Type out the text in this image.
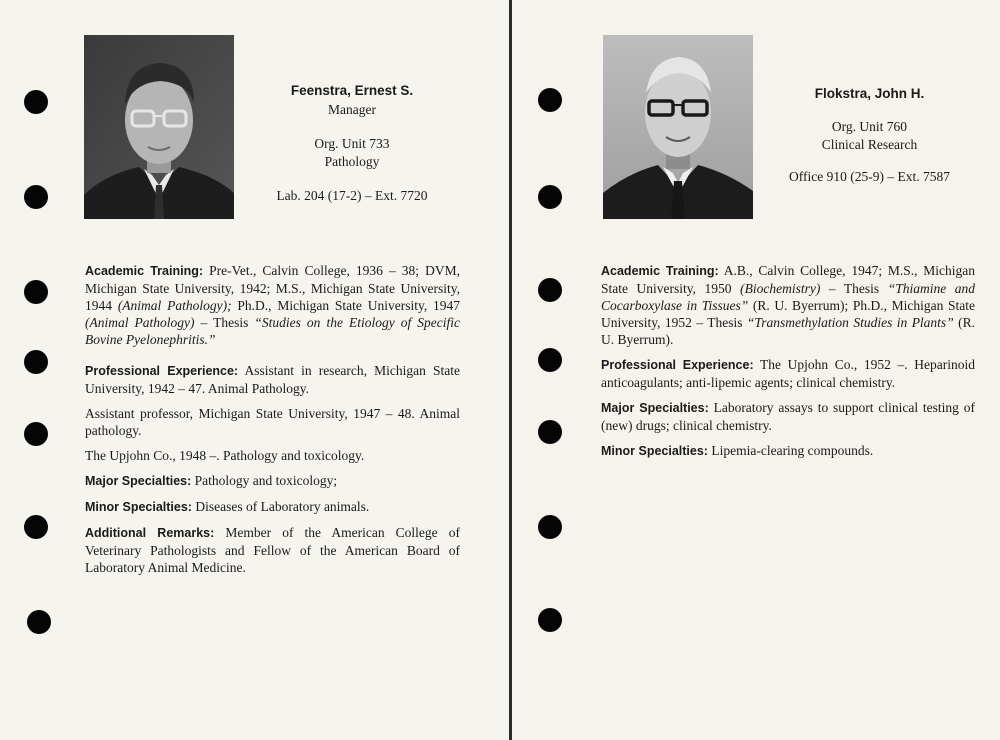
Feenstra, Ernest S.
Manager
Org. Unit 733
Pathology
Lab. 204 (17-2) – Ext. 7720

Academic Training: Pre-Vet., Calvin College, 1936 – 38; DVM, Michigan State University, 1942; M.S., Michigan State University, 1944 (Animal Pathology); Ph.D., Michigan State University, 1947 (Animal Pathology) – Thesis “Studies on the Etiology of Specific Bovine Pyelonephritis.”

Professional Experience: Assistant in research, Michigan State University, 1942 – 47. Animal Pathology.

Assistant professor, Michigan State University, 1947 – 48. Animal pathology.

The Upjohn Co., 1948 –. Pathology and toxicology.

Major Specialties: Pathology and toxicology;

Minor Specialties: Diseases of Laboratory animals.

Additional Remarks: Member of the American College of Veterinary Pathologists and Fellow of the American Board of Laboratory Animal Medicine.

Flokstra, John H.
Org. Unit 760
Clinical Research
Office 910 (25-9) – Ext. 7587

Academic Training: A.B., Calvin College, 1947; M.S., Michigan State University, 1950 (Biochemistry) – Thesis “Thiamine and Cocarboxylase in Tissues” (R. U. Byerrum); Ph.D., Michigan State University, 1952 – Thesis “Transmethylation Studies in Plants” (R. U. Byerrum).

Professional Experience: The Upjohn Co., 1952 –. Heparinoid anticoagulants; anti-lipemic agents; clinical chemistry.

Major Specialties: Laboratory assays to support clinical testing of (new) drugs; clinical chemistry.

Minor Specialties: Lipemia-clearing compounds.
